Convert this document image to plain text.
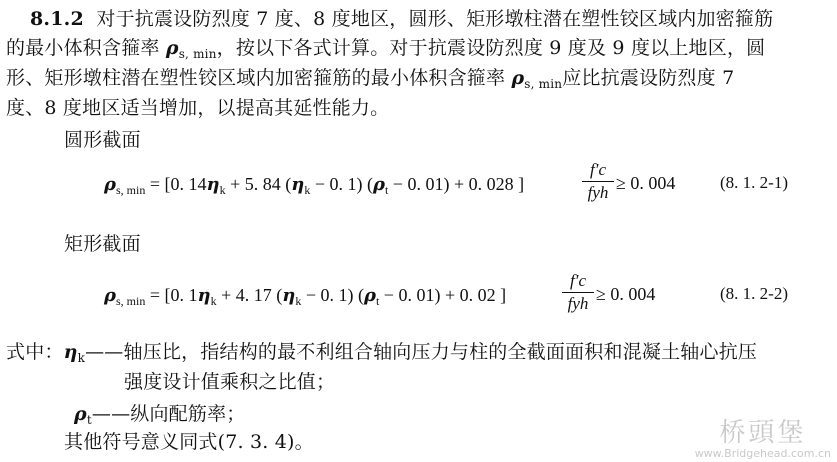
8.1.2 对于抗震设防烈度 7 度、8 度地区，圆形、矩形墩柱潜在塑性铰区域内加密箍筋
的最小体积含箍率 $\rho_{s, min}$，按以下各式计算。对于抗震设防烈度 9 度及 9 度以上地区，圆
形、矩形墩柱潜在塑性铰区域内加密箍筋的最小体积含箍率 $\rho_{s, min}$应比抗震设防烈度 7
度、8 度地区适当增加，以提高其延性能力。
圆形截面
$\rho_{s, min} = [0$. $14\eta_k + 5$. 84 ($\eta_k - 0$. 1) ($\rho_t - 0$. 01) + 0. 028 ]
f′c
fyh ≥ 0. 004	(8. 1. 2-1)
矩形截面
$\rho_{s, min} = [0$. $1\eta_k + 4$. 17 ($\eta_k - 0$. 1) ($\rho_t - 0$. 01) + 0. 02 ]
f′c
fyh ≥ 0. 004	(8. 1. 2-2)
式中：$\eta_k——$轴压比，指结构的最不利组合轴向压力与柱的全截面面积和混凝土轴心抗压
强度设计值乘积之比值；
$\rho_t——$纵向配筋率；
其他符号意义同式(7. 3. 4)。	桥頭堡
www.Bridgehead.com.cn
